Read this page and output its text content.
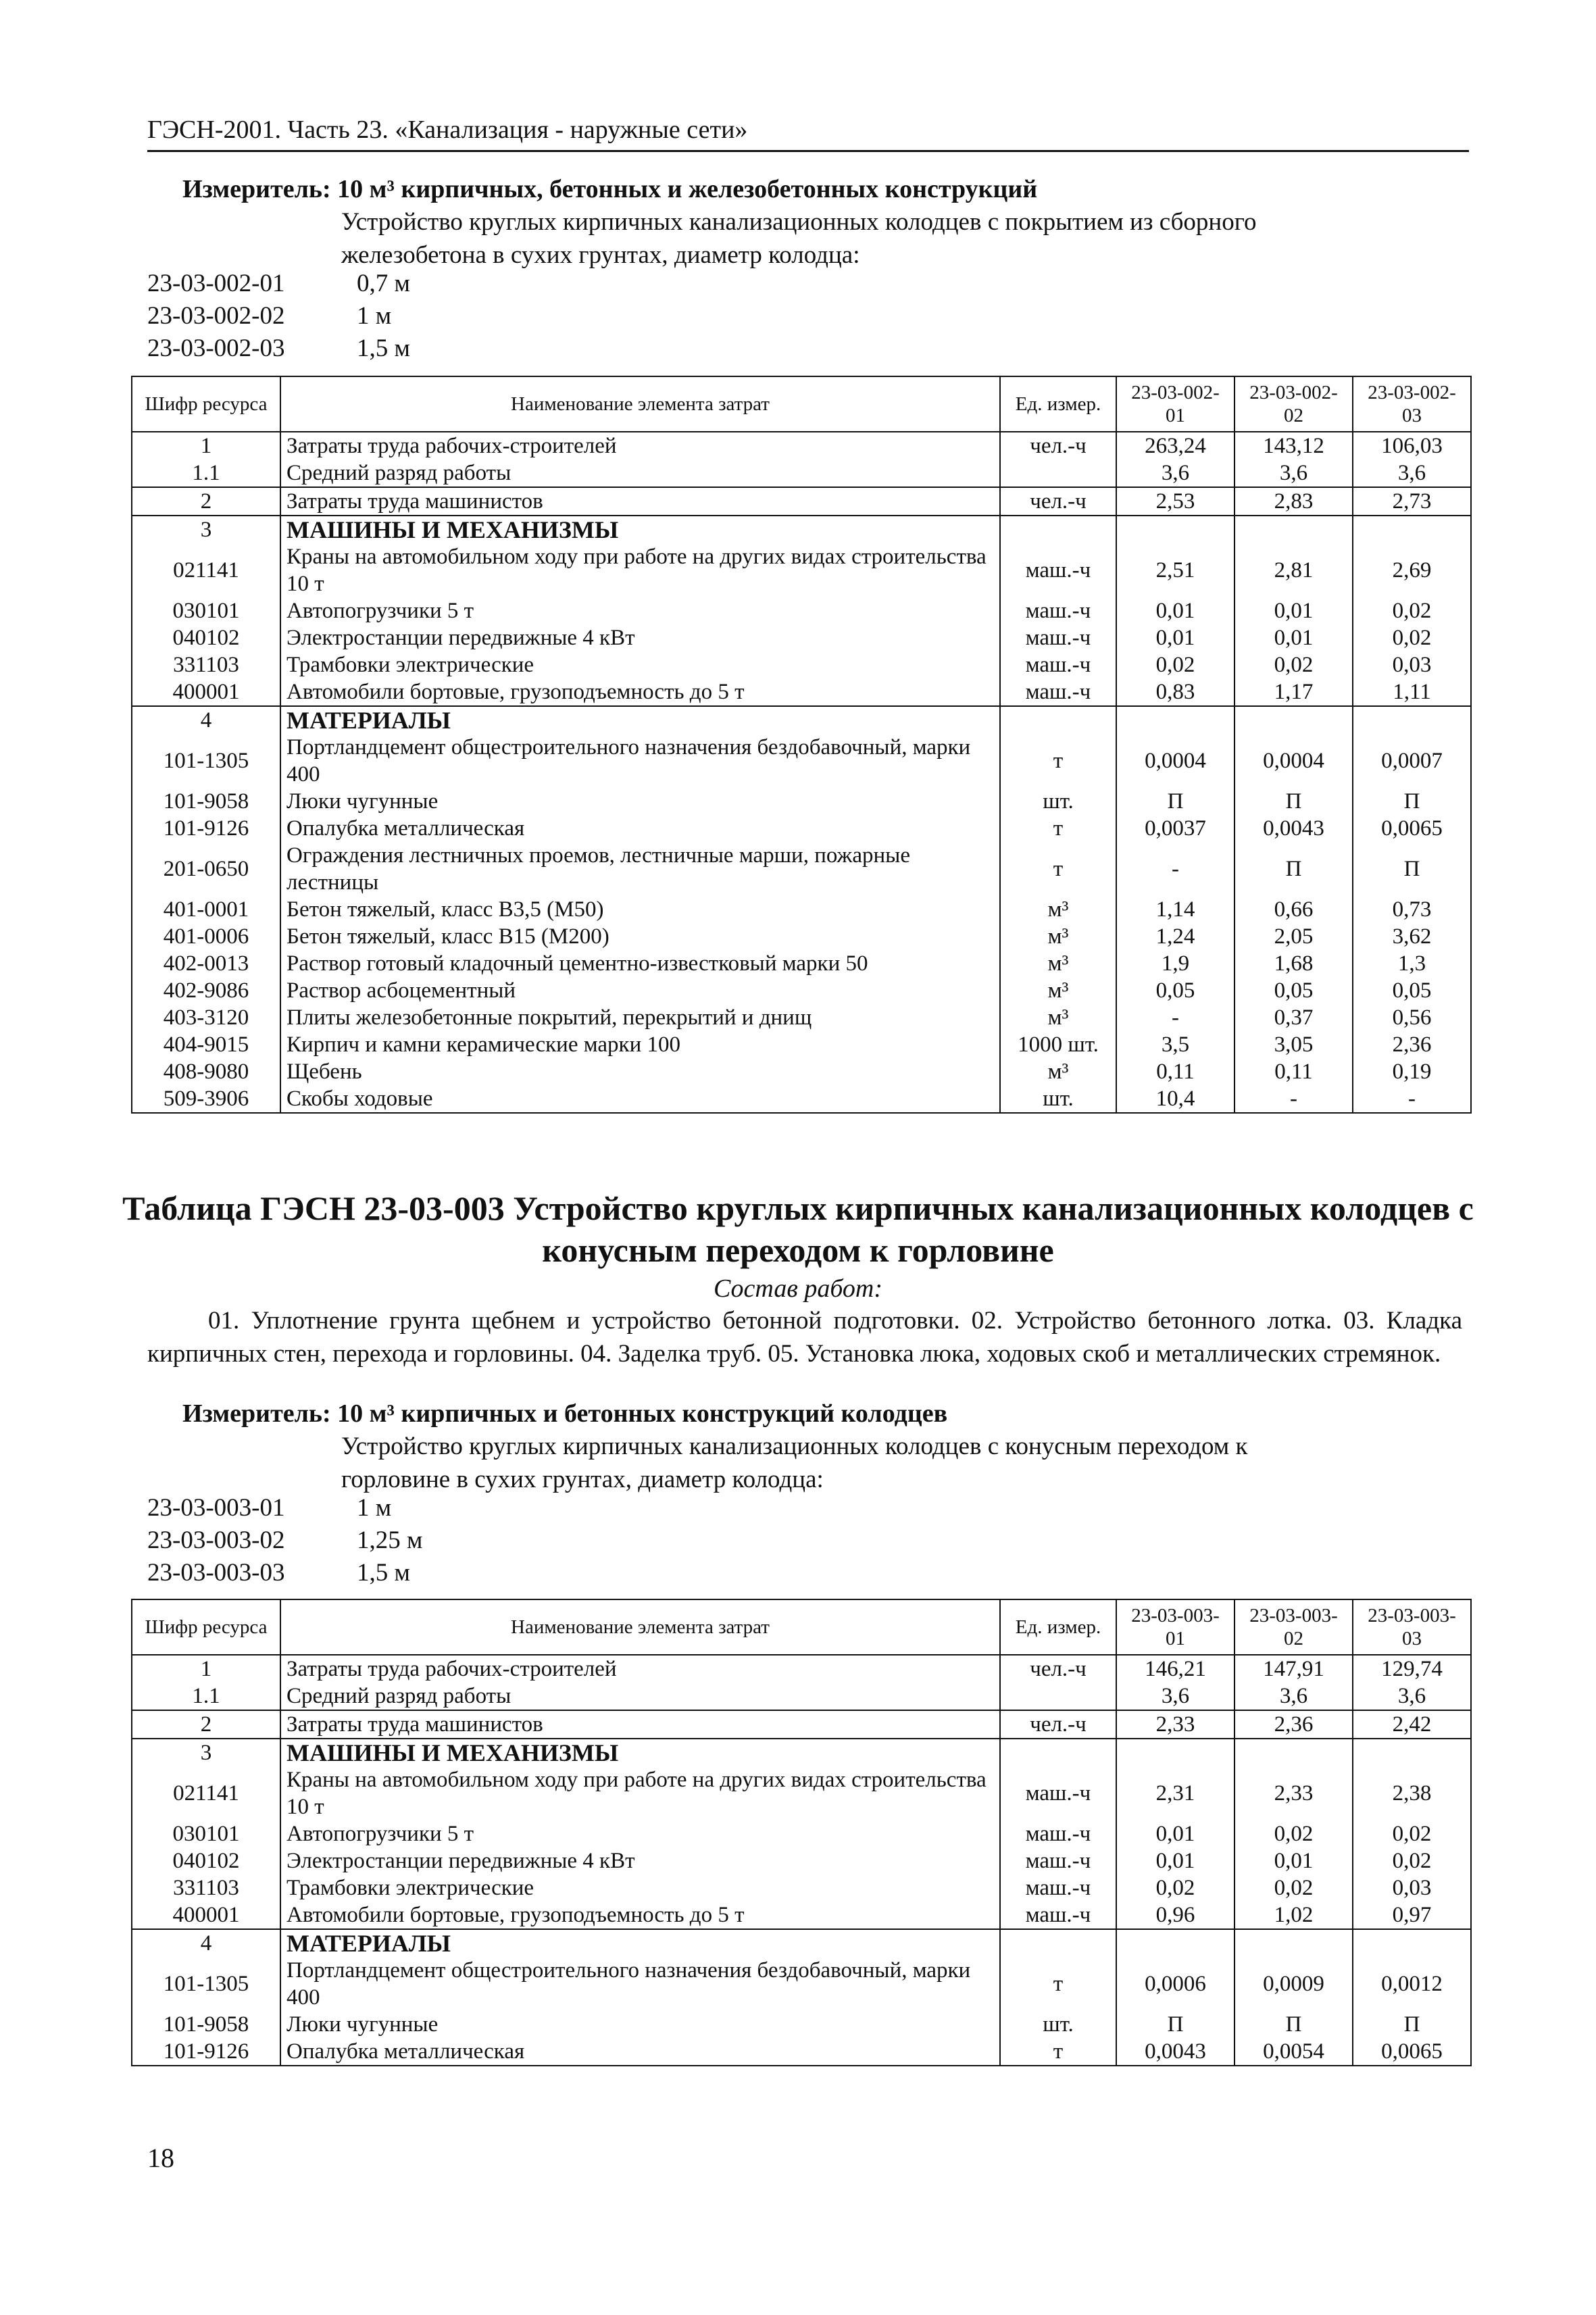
ГЭСН-2001. Часть 23. «Канализация - наружные сети»
Измеритель: 10 м³ кирпичных, бетонных и железобетонных конструкций
Устройство круглых кирпичных канализационных колодцев с покрытием из сборного железобетона в сухих грунтах, диаметр колодца:
23-03-002-01	0,7 м
23-03-002-02	1 м
23-03-002-03	1,5 м
Шифр ресурса	Наименование элемента затрат	Ед. измер.	23-03-002-01	23-03-002-02	23-03-002-03
1	Затраты труда рабочих-строителей	чел.-ч	263,24	143,12	106,03
1.1	Средний разряд работы		3,6	3,6	3,6
2	Затраты труда машинистов	чел.-ч	2,53	2,83	2,73
3	МАШИНЫ И МЕХАНИЗМЫ				
021141	Краны на автомобильном ходу при работе на других видах строительства 10 т	маш.-ч	2,51	2,81	2,69
030101	Автопогрузчики 5 т	маш.-ч	0,01	0,01	0,02
040102	Электростанции передвижные 4 кВт	маш.-ч	0,01	0,01	0,02
331103	Трамбовки электрические	маш.-ч	0,02	0,02	0,03
400001	Автомобили бортовые, грузоподъемность до 5 т	маш.-ч	0,83	1,17	1,11
4	МАТЕРИАЛЫ				
101-1305	Портландцемент общестроительного назначения бездобавочный, марки 400	т	0,0004	0,0004	0,0007
101-9058	Люки чугунные	шт.	П	П	П
101-9126	Опалубка металлическая	т	0,0037	0,0043	0,0065
201-0650	Ограждения лестничных проемов, лестничные марши, пожарные лестницы	т	-	П	П
401-0001	Бетон тяжелый, класс В3,5 (М50)	м³	1,14	0,66	0,73
401-0006	Бетон тяжелый, класс В15 (М200)	м³	1,24	2,05	3,62
402-0013	Раствор готовый кладочный цементно-известковый марки 50	м³	1,9	1,68	1,3
402-9086	Раствор асбоцементный	м³	0,05	0,05	0,05
403-3120	Плиты железобетонные покрытий, перекрытий и днищ	м³	-	0,37	0,56
404-9015	Кирпич и камни керамические марки 100	1000 шт.	3,5	3,05	2,36
408-9080	Щебень	м³	0,11	0,11	0,19
509-3906	Скобы ходовые	шт.	10,4	-	-
Таблица ГЭСН 23-03-003 Устройство круглых кирпичных канализационных колодцев с конусным переходом к горловине
Состав работ:
01. Уплотнение грунта щебнем и устройство бетонной подготовки. 02. Устройство бетонного лотка. 03. Кладка кирпичных стен, перехода и горловины. 04. Заделка труб. 05. Установка люка, ходовых скоб и металлических стремянок.
Измеритель: 10 м³ кирпичных и бетонных конструкций колодцев
Устройство круглых кирпичных канализационных колодцев с конусным переходом к горловине в сухих грунтах, диаметр колодца:
23-03-003-01	1 м
23-03-003-02	1,25 м
23-03-003-03	1,5 м
Шифр ресурса	Наименование элемента затрат	Ед. измер.	23-03-003-01	23-03-003-02	23-03-003-03
1	Затраты труда рабочих-строителей	чел.-ч	146,21	147,91	129,74
1.1	Средний разряд работы		3,6	3,6	3,6
2	Затраты труда машинистов	чел.-ч	2,33	2,36	2,42
3	МАШИНЫ И МЕХАНИЗМЫ				
021141	Краны на автомобильном ходу при работе на других видах строительства 10 т	маш.-ч	2,31	2,33	2,38
030101	Автопогрузчики 5 т	маш.-ч	0,01	0,02	0,02
040102	Электростанции передвижные 4 кВт	маш.-ч	0,01	0,01	0,02
331103	Трамбовки электрические	маш.-ч	0,02	0,02	0,03
400001	Автомобили бортовые, грузоподъемность до 5 т	маш.-ч	0,96	1,02	0,97
4	МАТЕРИАЛЫ				
101-1305	Портландцемент общестроительного назначения бездобавочный, марки 400	т	0,0006	0,0009	0,0012
101-9058	Люки чугунные	шт.	П	П	П
101-9126	Опалубка металлическая	т	0,0043	0,0054	0,0065
18
